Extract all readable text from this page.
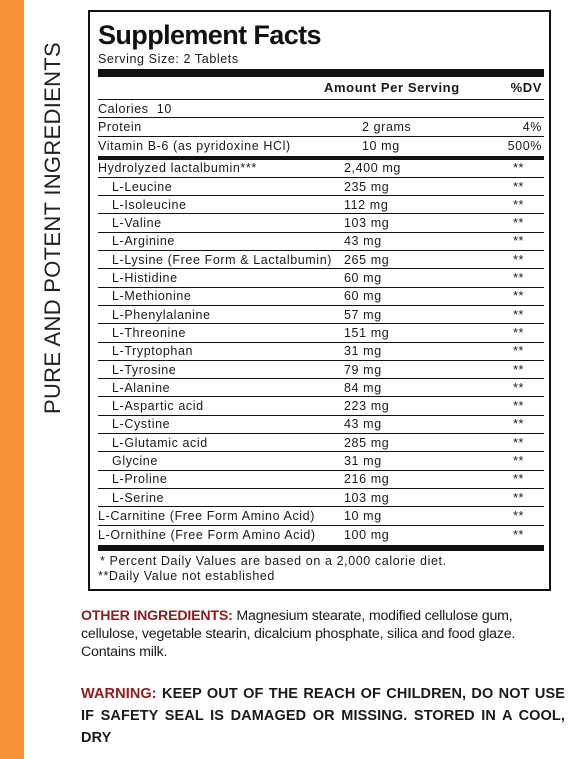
PURE AND POTENT INGREDIENTS
Supplement Facts
Serving Size: 2 Tablets
Amount Per Serving	%DV
Calories  10
Protein	2 grams	4%
Vitamin B-6 (as pyridoxine HCl)	10 mg	500%
Hydrolyzed lactalbumin***	2,400 mg	**
L-Leucine	235 mg	**
L-Isoleucine	112 mg	**
L-Valine	103 mg	**
L-Arginine	43 mg	**
L-Lysine (Free Form & Lactalbumin) 265 mg	**
L-Histidine	60 mg	**
L-Methionine	60 mg	**
L-Phenylalanine	57 mg	**
L-Threonine	151 mg	**
L-Tryptophan	31 mg	**
L-Tyrosine	79 mg	**
L-Alanine	84 mg	**
L-Aspartic acid	223 mg	**
L-Cystine	43 mg	**
L-Glutamic acid	285 mg	**
Glycine	31 mg	**
L-Proline	216 mg	**
L-Serine	103 mg	**
L-Carnitine (Free Form Amino Acid)	10 mg	**
L-Ornithine (Free Form Amino Acid)	100 mg	**
* Percent Daily Values are based on a 2,000 calorie diet.
**Daily Value not established
OTHER INGREDIENTS: Magnesium stearate, modified cellulose gum, cellulose, vegetable stearin, dicalcium phosphate, silica and food glaze. Contains milk.
WARNING: KEEP OUT OF THE REACH OF CHILDREN, DO NOT USE IF SAFETY SEAL IS DAMAGED OR MISSING. STORED IN A COOL, DRY
